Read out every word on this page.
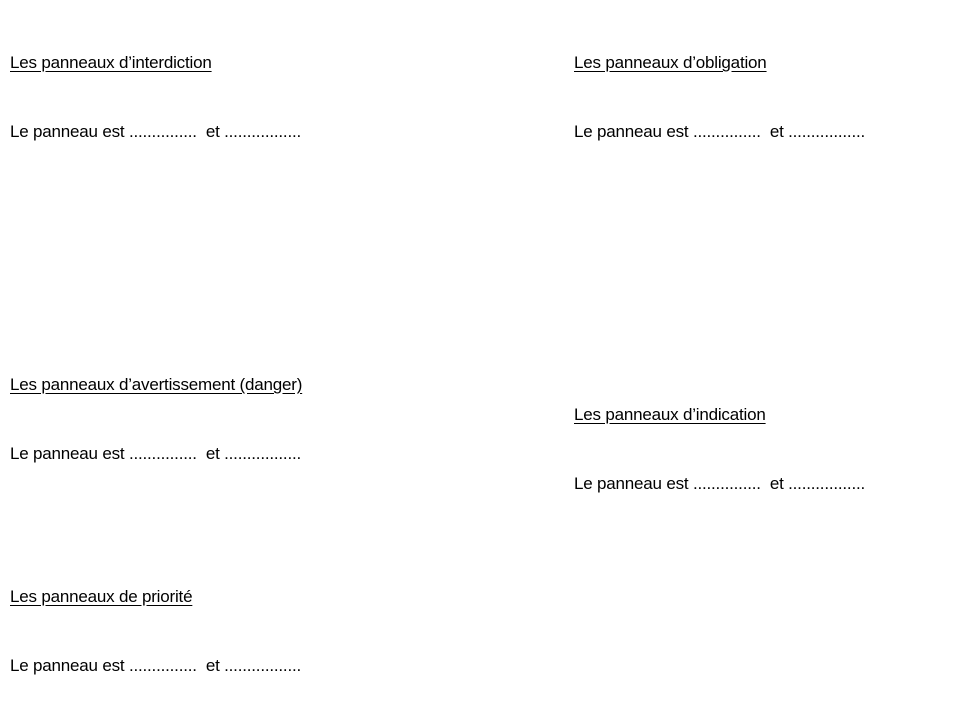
Les panneaux d’interdiction

Le panneau est ...............  et .................

Les panneaux d’obligation

Le panneau est ...............  et .................

Les panneaux d’avertissement (danger)

Le panneau est ...............  et .................

Les panneaux d’indication

Le panneau est ...............  et .................

Les panneaux de priorité

Le panneau est ...............  et .................
